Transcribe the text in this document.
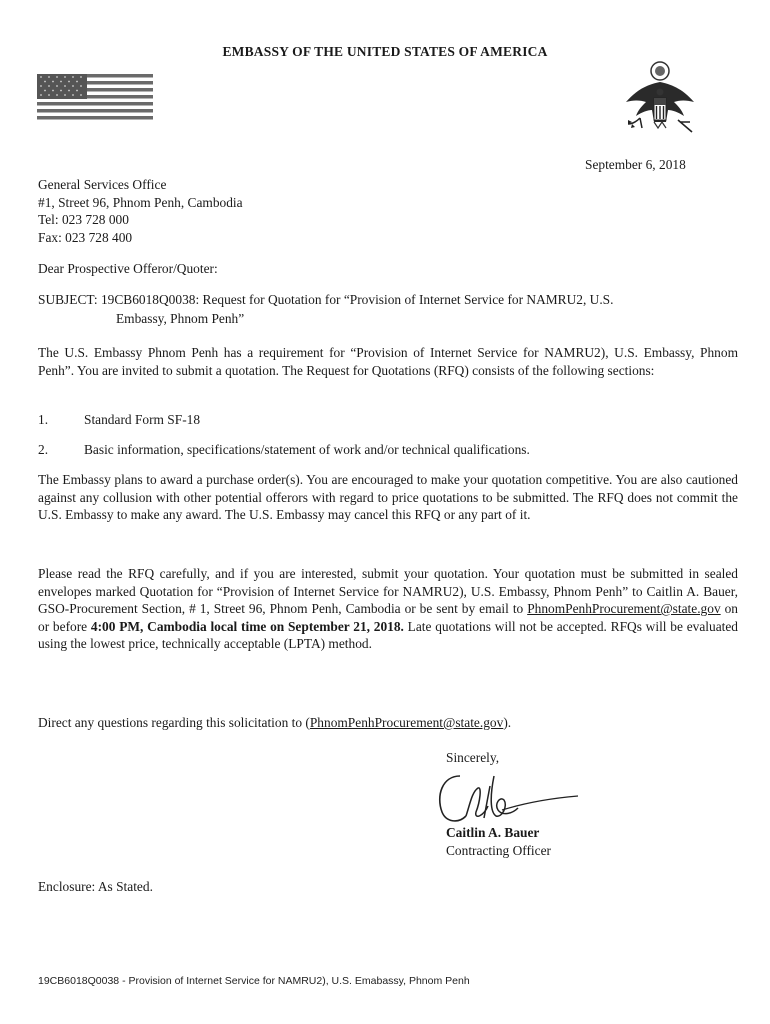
EMBASSY OF THE UNITED STATES OF AMERICA
September 6, 2018
General Services Office
#1, Street 96, Phnom Penh, Cambodia
Tel: 023 728 000
Fax: 023 728 400
Dear Prospective Offeror/Quoter:
SUBJECT: 19CB6018Q0038: Request for Quotation for “Provision of Internet Service for NAMRU2, U.S.
Embassy, Phnom Penh”
The U.S. Embassy Phnom Penh has a requirement for “Provision of Internet Service for NAMRU2), U.S. Embassy, Phnom Penh”. You are invited to submit a quotation. The Request for Quotations (RFQ) consists of the following sections:
1.	Standard Form SF-18
2.	Basic information, specifications/statement of work and/or technical qualifications.
The Embassy plans to award a purchase order(s). You are encouraged to make your quotation competitive. You are also cautioned against any collusion with other potential offerors with regard to price quotations to be submitted. The RFQ does not commit the U.S. Embassy to make any award. The U.S. Embassy may cancel this RFQ or any part of it.
Please read the RFQ carefully, and if you are interested, submit your quotation. Your quotation must be submitted in sealed envelopes marked Quotation for “Provision of Internet Service for NAMRU2), U.S. Embassy, Phnom Penh” to Caitlin A. Bauer, GSO-Procurement Section, # 1, Street 96, Phnom Penh, Cambodia or be sent by email to PhnomPenhProcurement@state.gov on or before 4:00 PM, Cambodia local time on September 21, 2018. Late quotations will not be accepted. RFQs will be evaluated using the lowest price, technically acceptable (LPTA) method.
Direct any questions regarding this solicitation to (PhnomPenhProcurement@state.gov).
Sincerely,
Caitlin A. Bauer
Contracting Officer
Enclosure: As Stated.
19CB6018Q0038 - Provision of Internet Service for NAMRU2), U.S. Emabassy, Phnom Penh
